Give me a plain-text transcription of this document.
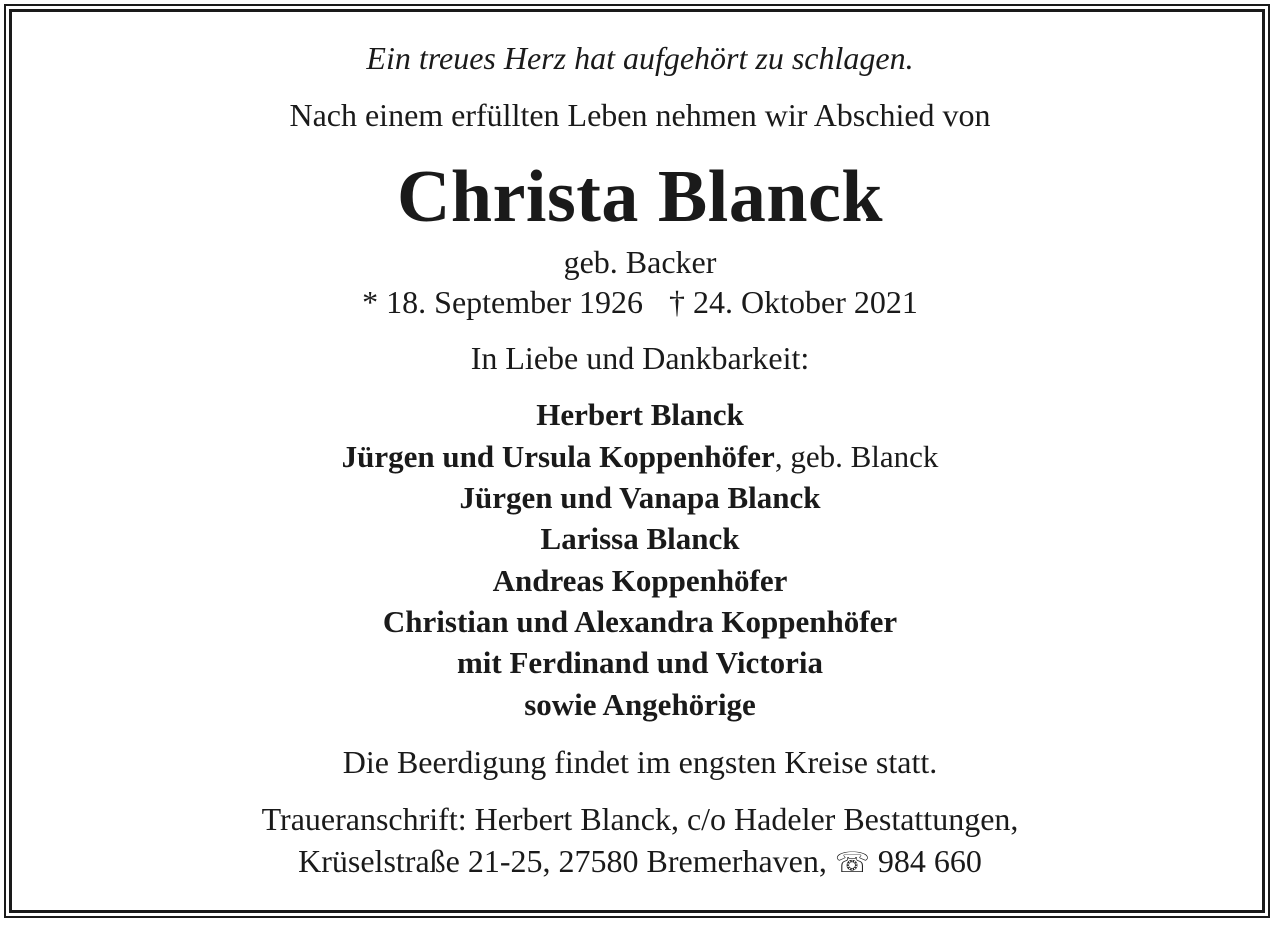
Ein treues Herz hat aufgehört zu schlagen.
Nach einem erfüllten Leben nehmen wir Abschied von
Christa Blanck
geb. Backer
* 18. September 1926 † 24. Oktober 2021
In Liebe und Dankbarkeit:
Herbert Blanck
Jürgen und Ursula Koppenhöfer, geb. Blanck
Jürgen und Vanapa Blanck
Larissa Blanck
Andreas Koppenhöfer
Christian und Alexandra Koppenhöfer
mit Ferdinand und Victoria
sowie Angehörige
Die Beerdigung findet im engsten Kreise statt.
Traueranschrift: Herbert Blanck, c/o Hadeler Bestattungen,
Krüselstraße 21-25, 27580 Bremerhaven, ☏ 984 660
